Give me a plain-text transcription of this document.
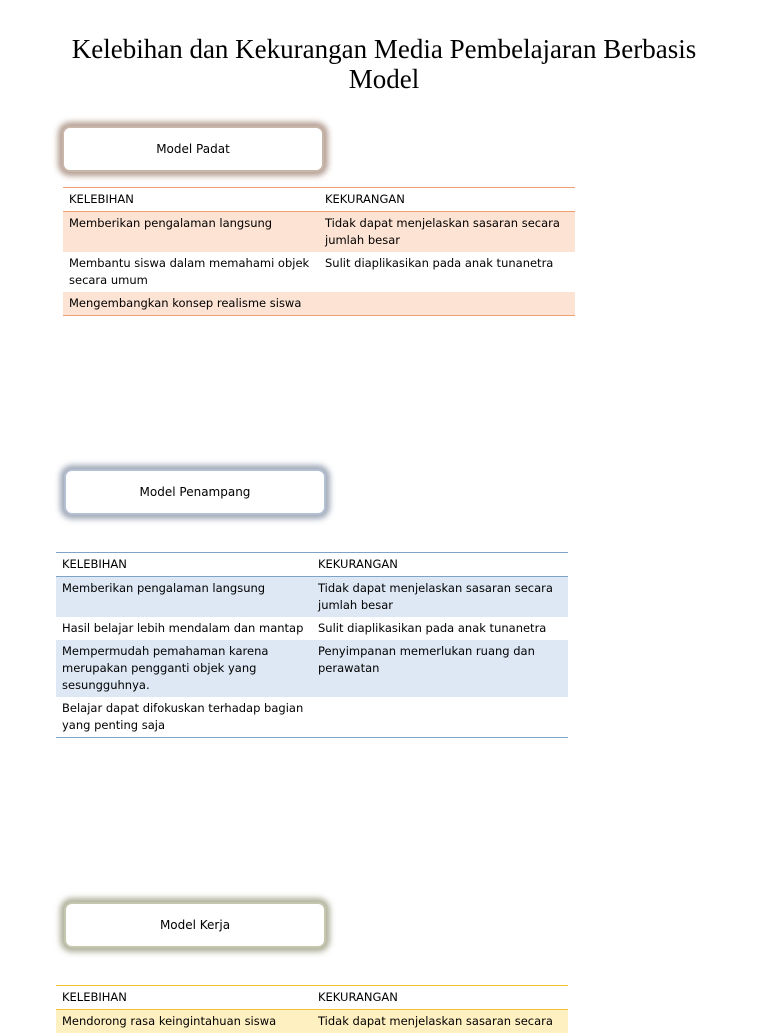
Kelebihan dan Kekurangan Media Pembelajaran Berbasis Model
Model Padat
KELEBIHAN	KEKURANGAN
Memberikan pengalaman langsung	Tidak dapat menjelaskan sasaran secara jumlah besar
Membantu siswa dalam memahami objek secara umum	Sulit diaplikasikan pada anak tunanetra
Mengembangkan konsep realisme siswa	
Model Penampang
KELEBIHAN	KEKURANGAN
Memberikan pengalaman langsung	Tidak dapat menjelaskan sasaran secara jumlah besar
Hasil belajar lebih mendalam dan mantap	Sulit diaplikasikan pada anak tunanetra
Mempermudah pemahaman karena merupakan pengganti objek yang sesungguhnya.	Penyimpanan memerlukan ruang dan perawatan
Belajar dapat difokuskan terhadap bagian yang penting saja	
Model Kerja
KELEBIHAN	KEKURANGAN
Mendorong rasa keingintahuan siswa	Tidak dapat menjelaskan sasaran secara
